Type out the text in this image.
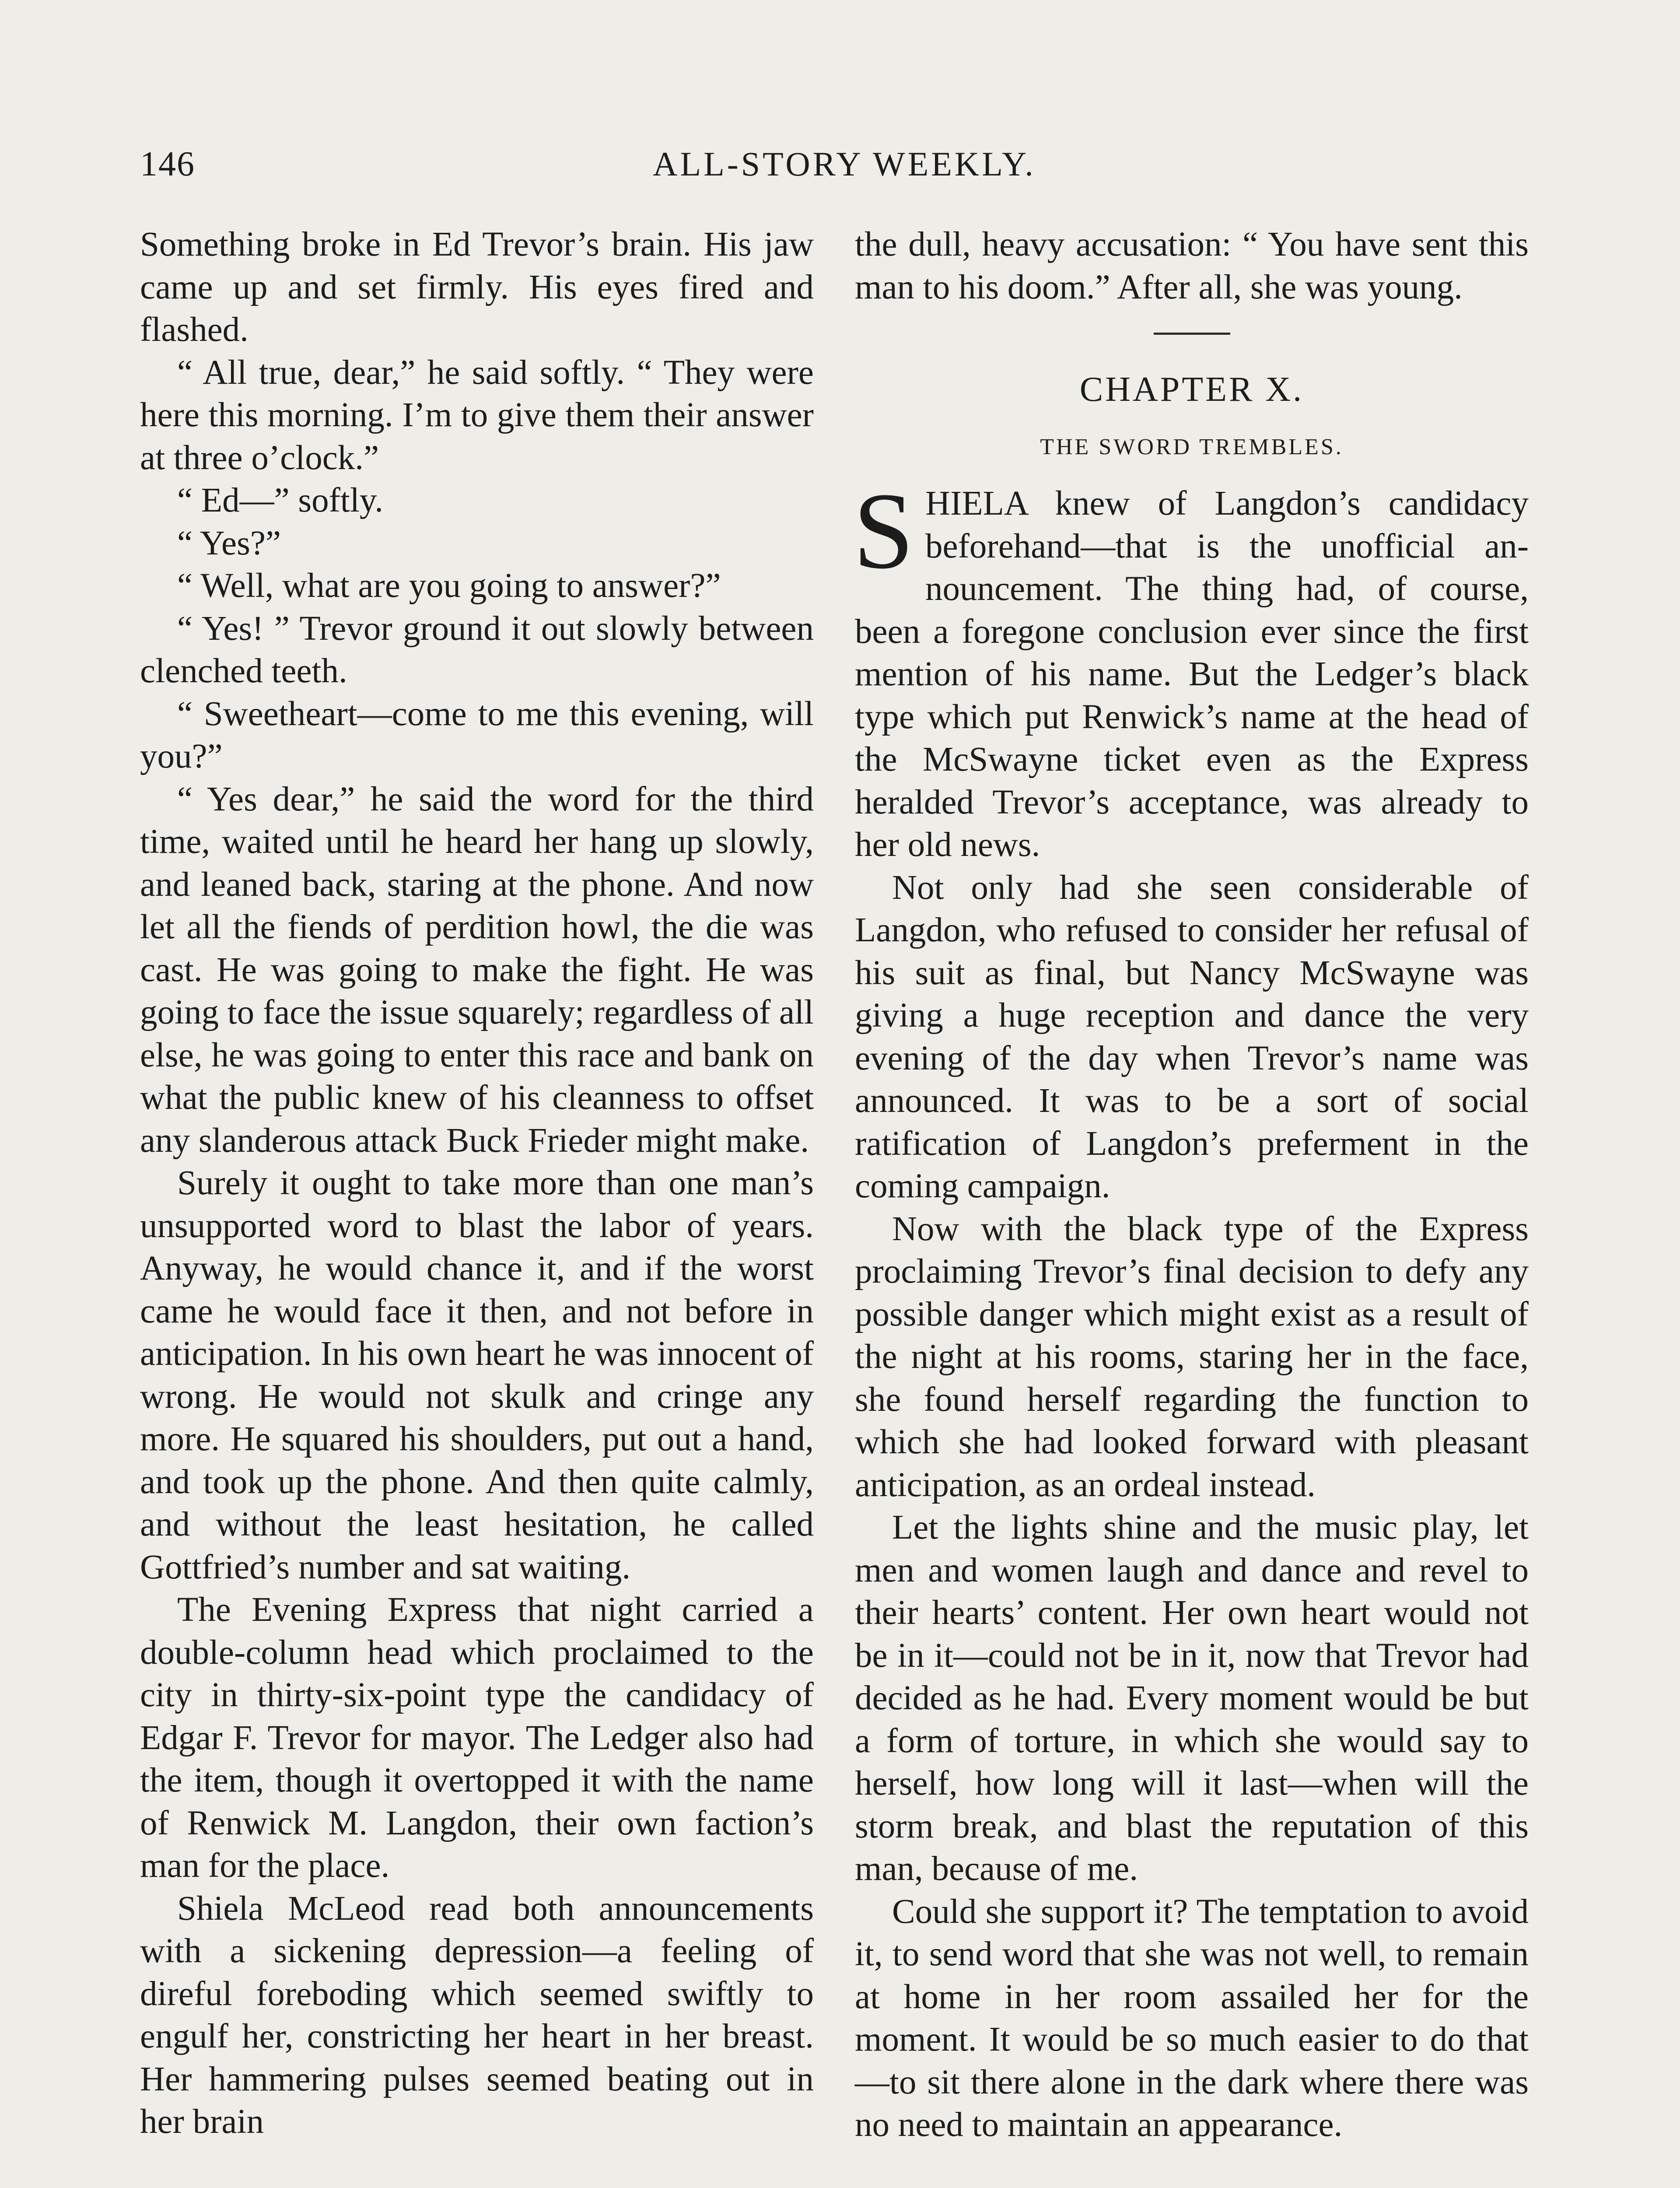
146	ALL-STORY WEEKLY.

Something broke in Ed Trevor’s brain. His jaw came up and set firmly. His eyes fired and flashed.

“ All true, dear,” he said softly. “ They were here this morning. I’m to give them their answer at three o’clock.”

“ Ed—” softly.

“ Yes?”

“ Well, what are you going to answer?”

“ Yes! ” Trevor ground it out slowly between clenched teeth.

“ Sweetheart—come to me this evening, will you?”

“ Yes dear,” he said the word for the third time, waited until he heard her hang up slowly, and leaned back, staring at the phone. And now let all the fiends of perdition howl, the die was cast. He was going to make the fight. He was going to face the issue squarely; regardless of all else, he was going to enter this race and bank on what the public knew of his cleanness to offset any slanderous attack Buck Frieder might make.

Surely it ought to take more than one man’s unsupported word to blast the labor of years. Anyway, he would chance it, and if the worst came he would face it then, and not before in anticipation. In his own heart he was innocent of wrong. He would not skulk and cringe any more. He squared his shoulders, put out a hand, and took up the phone. And then quite calmly, and without the least hesitation, he called Gottfried’s number and sat waiting.

The Evening Express that night carried a double-column head which proclaimed to the city in thirty-six-point type the candidacy of Edgar F. Trevor for mayor. The Ledger also had the item, though it overtopped it with the name of Renwick M. Langdon, their own faction’s man for the place.

Shiela McLeod read both announcements with a sickening depression—a feeling of direful foreboding which seemed swiftly to engulf her, constricting her heart in her breast. Her hammering pulses seemed beating out in her brain

the dull, heavy accusation: “ You have sent this man to his doom.” After all, she was young.

CHAPTER X.
THE SWORD TREMBLES.

SHIELA knew of Langdon’s candidacy beforehand—that is the unofficial announcement. The thing had, of course, been a foregone conclusion ever since the first mention of his name. But the Ledger’s black type which put Renwick’s name at the head of the McSwayne ticket even as the Express heralded Trevor’s acceptance, was already to her old news.

Not only had she seen considerable of Langdon, who refused to consider her refusal of his suit as final, but Nancy McSwayne was giving a huge reception and dance the very evening of the day when Trevor’s name was announced. It was to be a sort of social ratification of Langdon’s preferment in the coming campaign.

Now with the black type of the Express proclaiming Trevor’s final decision to defy any possible danger which might exist as a result of the night at his rooms, staring her in the face, she found herself regarding the function to which she had looked forward with pleasant anticipation, as an ordeal instead.

Let the lights shine and the music play, let men and women laugh and dance and revel to their hearts’ content. Her own heart would not be in it—could not be in it, now that Trevor had decided as he had. Every moment would be but a form of torture, in which she would say to herself, how long will it last—when will the storm break, and blast the reputation of this man, because of me.

Could she support it? The temptation to avoid it, to send word that she was not well, to remain at home in her room assailed her for the moment. It would be so much easier to do that—to sit there alone in the dark where there was no need to maintain an appearance.
